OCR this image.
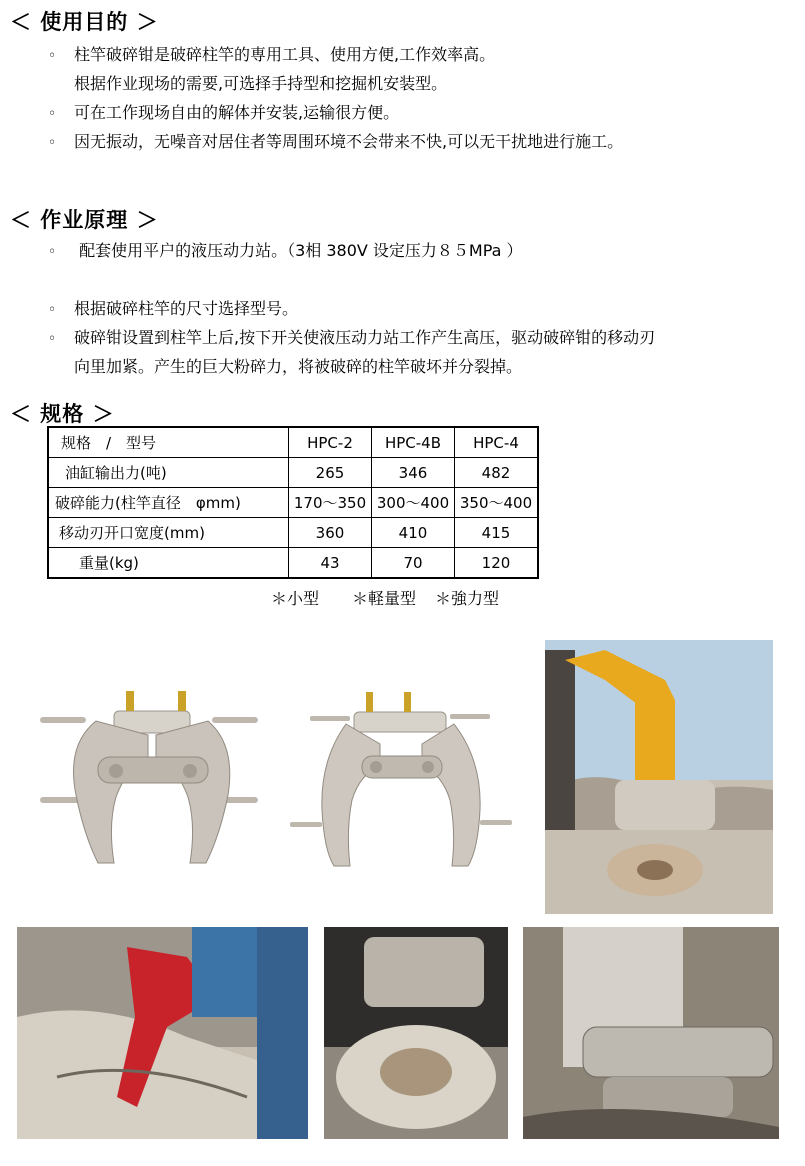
＜ 使用目的 ＞
◦ 柱竿破碎钳是破碎柱竿的専用工具、使用方便,工作效率高。
根据作业现场的需要,可选择手持型和挖掘机安装型。
◦ 可在工作现场自由的解体并安装,运输很方便。
◦ 因无振动，无噪音对居住者等周围环境不会带来不快,可以无干扰地进行施工。
＜ 作业原理 ＞
◦ 配套使用平户的液压动力站。（3相 380V 设定压力８５MPa ）
◦ 根据破碎柱竿的尺寸选择型号。
◦ 破碎钳设置到柱竿上后,按下开关使液压动力站工作产生高压，驱动破碎钳的移动刃
向里加紧。产生的巨大粉碎力，将被破碎的柱竿破坏并分裂掉。
＜ 规格 ＞
规格　/　型号	HPC-2	HPC-4B	HPC-4
油缸输出力(吨)	265	346	482
破碎能力(柱竿直径　φmm)	170～350	300～400	350～400
移动刃开口宽度(mm)	360	410	415
重量(kg)	43	70	120
＊小型 ＊軽量型 ＊強力型
